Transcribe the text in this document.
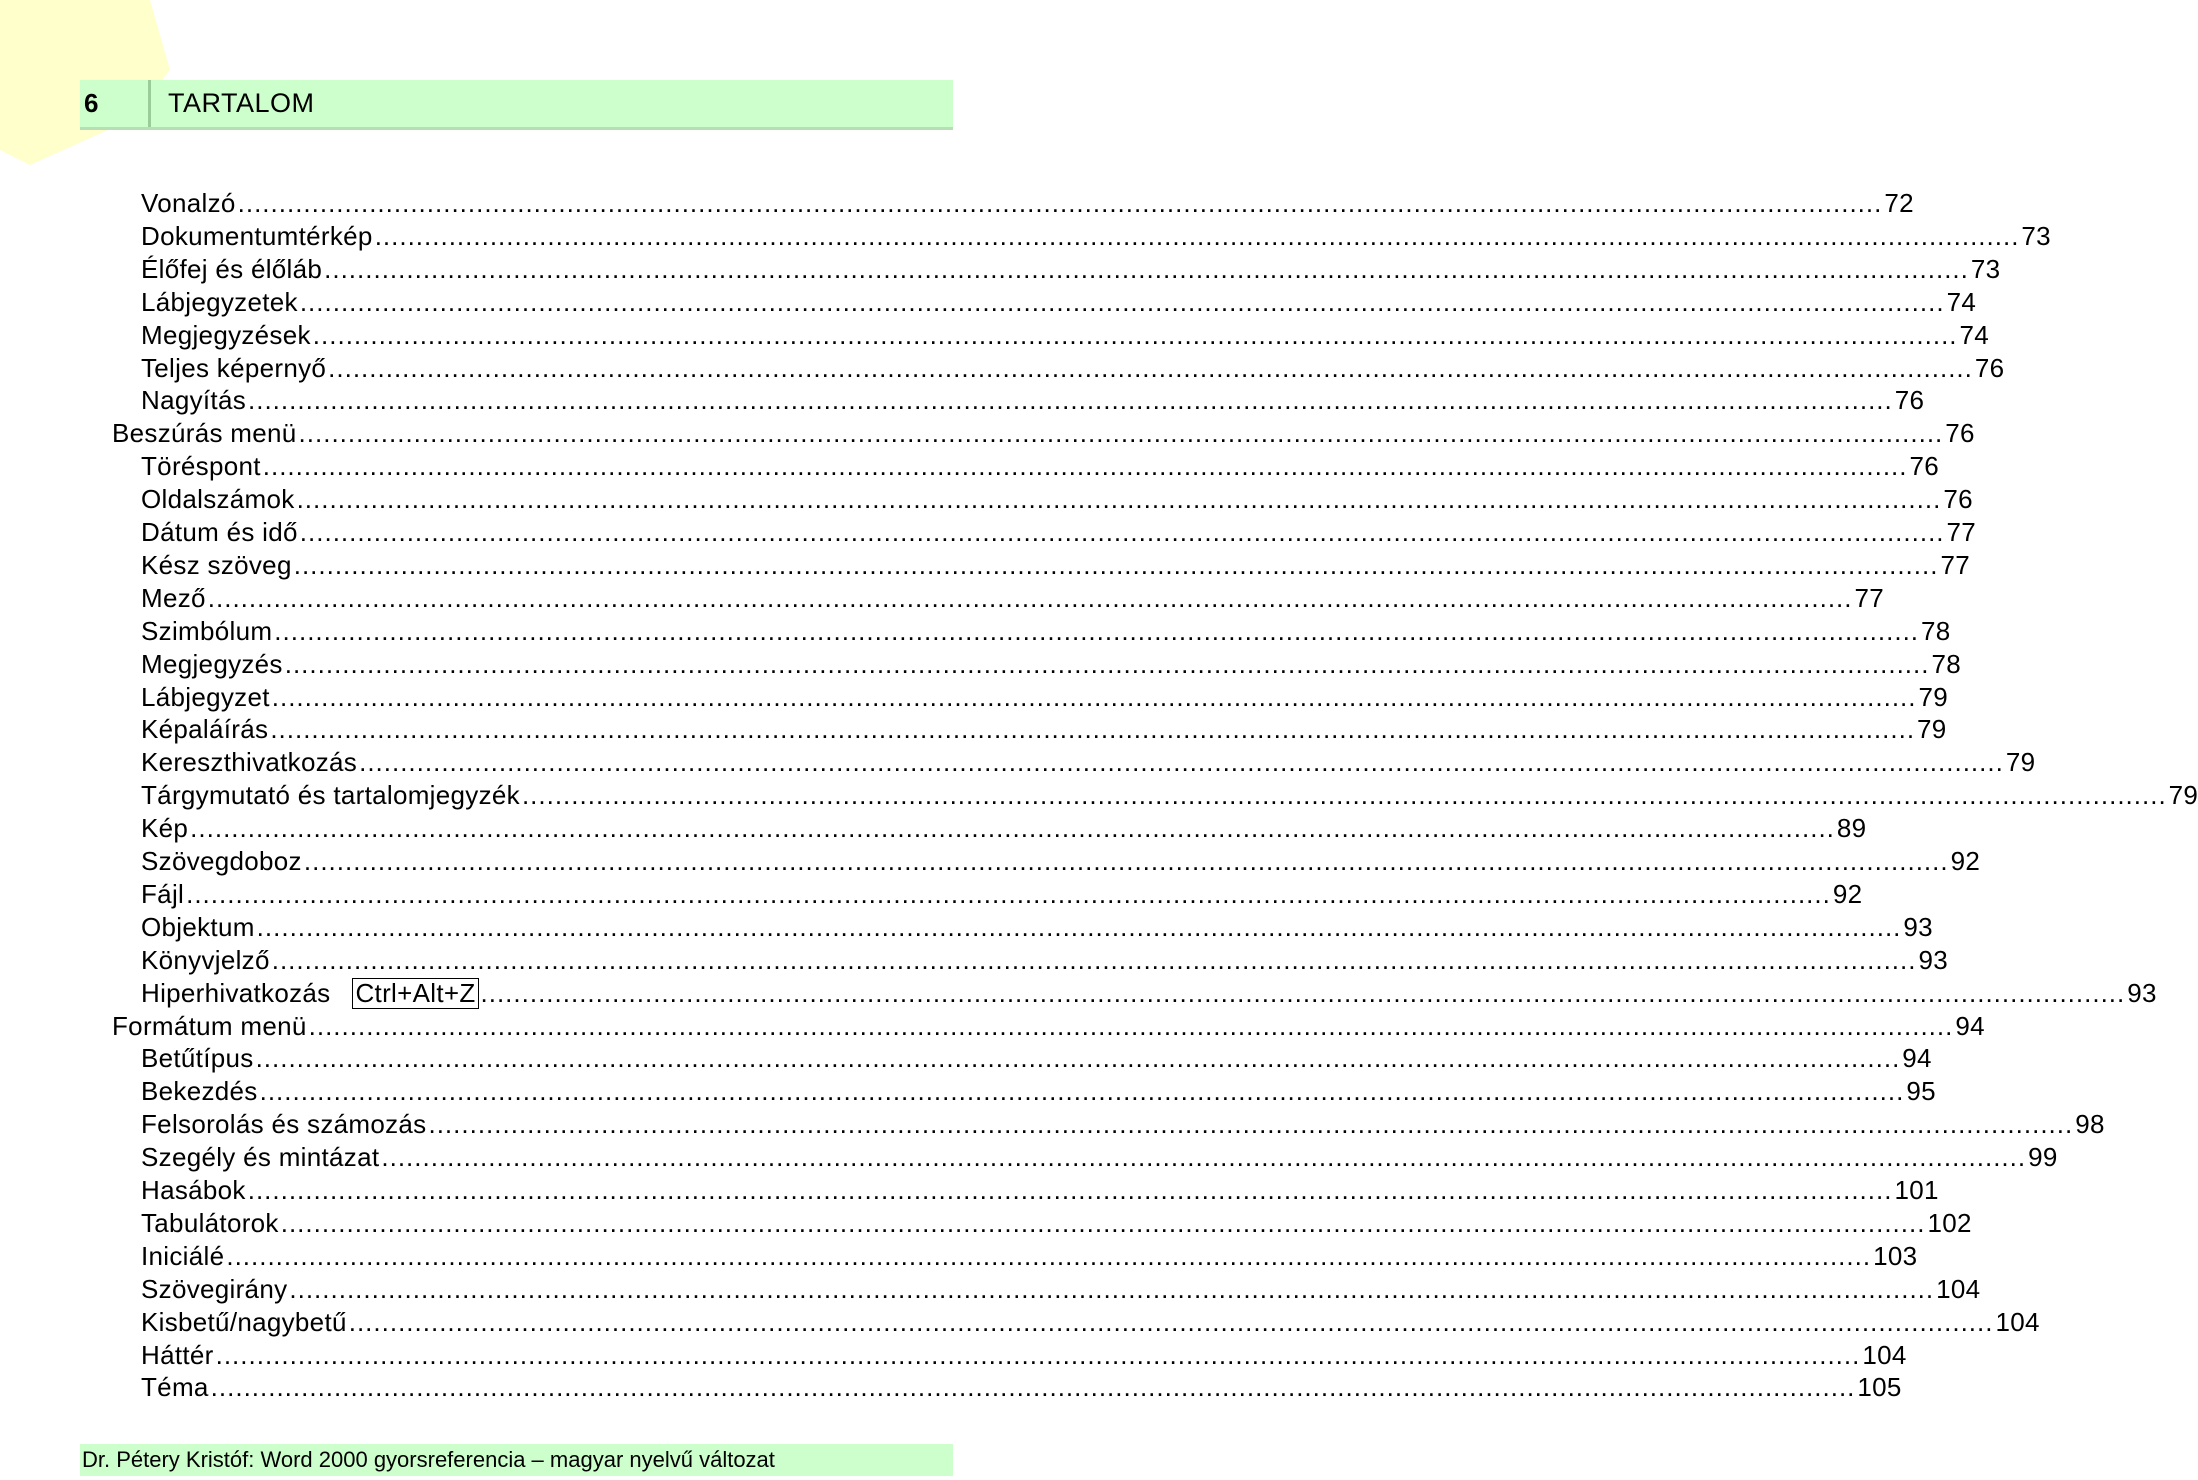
6	TARTALOM
Vonalzó ........................................................................................................................................................................................................ 72
Dokumentumtérkép ........................................................................................................................................................................................................ 73
Élőfej és élőláb ........................................................................................................................................................................................................ 73
Lábjegyzetek ........................................................................................................................................................................................................ 74
Megjegyzések ........................................................................................................................................................................................................ 74
Teljes képernyő ........................................................................................................................................................................................................ 76
Nagyítás ........................................................................................................................................................................................................ 76
Beszúrás menü ........................................................................................................................................................................................................ 76
Töréspont ........................................................................................................................................................................................................ 76
Oldalszámok ........................................................................................................................................................................................................ 76
Dátum és idő ........................................................................................................................................................................................................ 77
Kész szöveg ........................................................................................................................................................................................................ 77
Mező ........................................................................................................................................................................................................ 77
Szimbólum ........................................................................................................................................................................................................ 78
Megjegyzés ........................................................................................................................................................................................................ 78
Lábjegyzet ........................................................................................................................................................................................................ 79
Képaláírás ........................................................................................................................................................................................................ 79
Kereszthivatkozás ........................................................................................................................................................................................................ 79
Tárgymutató és tartalomjegyzék ........................................................................................................................................................................................................ 79
Kép ........................................................................................................................................................................................................ 89
Szövegdoboz ........................................................................................................................................................................................................ 92
Fájl ........................................................................................................................................................................................................ 92
Objektum ........................................................................................................................................................................................................ 93
Könyvjelző ........................................................................................................................................................................................................ 93
Hiperhivatkozás Ctrl+Alt+Z ........................................................................................................................................................................................................ 93
Formátum menü ........................................................................................................................................................................................................ 94
Betűtípus ........................................................................................................................................................................................................ 94
Bekezdés ........................................................................................................................................................................................................ 95
Felsorolás és számozás ........................................................................................................................................................................................................ 98
Szegély és mintázat ........................................................................................................................................................................................................ 99
Hasábok ........................................................................................................................................................................................................ 101
Tabulátorok ........................................................................................................................................................................................................ 102
Iniciálé ........................................................................................................................................................................................................ 103
Szövegirány ........................................................................................................................................................................................................ 104
Kisbetű/nagybetű ........................................................................................................................................................................................................ 104
Háttér ........................................................................................................................................................................................................ 104
Téma ........................................................................................................................................................................................................ 105
Dr. Pétery Kristóf: Word 2000 gyorsreferencia – magyar nyelvű változat
